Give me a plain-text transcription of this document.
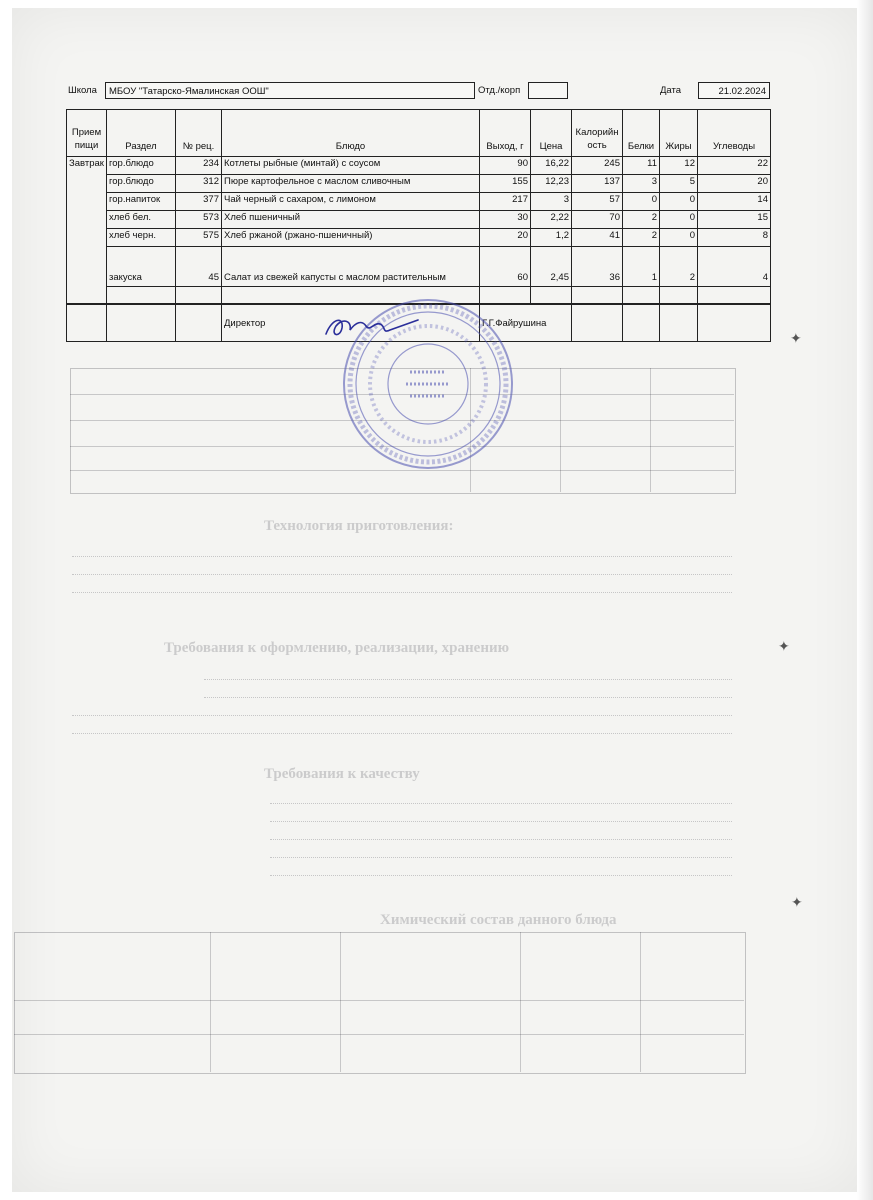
Технология приготовления:
Требования к оформлению, реализации, хранению
Требования к качеству
Химический состав данного блюда
✦
✦
✦
Школа	МБОУ "Татарско-Ямалинская ООШ"	Отд./корп	Дата	21.02.2024
Прием пищи	Раздел	№ рец.	Блюдо	Выход, г	Цена	Калорийность	Белки	Жиры	Углеводы
Завтрак	гор.блюдо	234	Котлеты рыбные (минтай) с соусом	90	16,22	245	11	12	22
	гор.блюдо	312	Пюре картофельное с маслом сливочным	155	12,23	137	3	5	20
	гор.напиток	377	Чай черный с сахаром, с лимоном	217	3	57	0	0	14
	хлеб бел.	573	Хлеб пшеничный	30	2,22	70	2	0	15
	хлеб черн.	575	Хлеб ржаной (ржано-пшеничный)	20	1,2	41	2	0	8
	закуска	45	Салат из свежей капусты с маслом растительным	60	2,45	36	1	2	4

			Директор	Г.Г.Файрушина					
